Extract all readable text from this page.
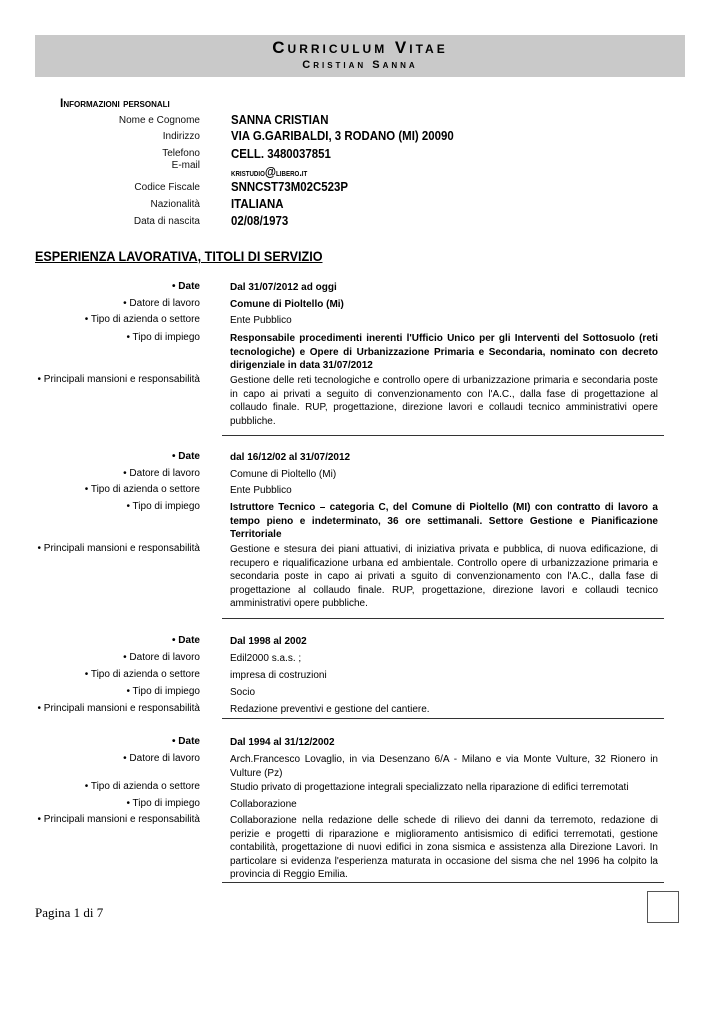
Curriculum Vitae
Cristian Sanna
Informazioni personali
Nome e Cognome SANNA CRISTIAN
Indirizzo VIA G.GARIBALDI, 3 RODANO (MI) 20090
Telefono CELL. 3480037851
E-mail
kristudio@libero.it
Codice Fiscale SNNCST73M02C523P
Nazionalità ITALIANA
Data di nascita 02/08/1973
ESPERIENZA LAVORATIVA, TITOLI DI SERVIZIO
• Date	Dal 31/07/2012 ad oggi
• Datore di lavoro	Comune di Pioltello (Mi)
• Tipo di azienda o settore	Ente Pubblico
• Tipo di impiego	Responsabile procedimenti inerenti l'Ufficio Unico per gli Interventi del Sottosuolo (reti tecnologiche) e Opere di Urbanizzazione Primaria e Secondaria, nominato con decreto dirigenziale in data 31/07/2012
• Principali mansioni e responsabilità	Gestione delle reti tecnologiche e controllo opere di urbanizzazione primaria e secondaria poste in capo ai privati a seguito di convenzionamento con l'A.C., dalla fase di progettazione al collaudo finale. RUP, progettazione, direzione lavori e collaudi tecnico amministrativi opere pubbliche.
• Date	dal 16/12/02 al 31/07/2012
• Datore di lavoro	Comune di Pioltello (Mi)
• Tipo di azienda o settore	Ente Pubblico
• Tipo di impiego	Istruttore Tecnico – categoria C, del Comune di Pioltello (MI) con contratto di lavoro a tempo pieno e indeterminato, 36 ore settimanali. Settore Gestione e Pianificazione Territoriale
• Principali mansioni e responsabilità	Gestione e stesura dei piani attuativi, di iniziativa privata e pubblica, di nuova edificazione, di recupero e riqualificazione urbana ed ambientale. Controllo opere di urbanizzazione primaria e secondaria poste in capo ai privati a sguito di convenzionamento con l'A.C., dalla fase di progettazione al collaudo finale. RUP, progettazione, direzione lavori e collaudi tecnico amministrativi opere pubbliche.
• Date	Dal 1998 al 2002
• Datore di lavoro	Edil2000 s.a.s. ;
• Tipo di azienda o settore	impresa di costruzioni
• Tipo di impiego	Socio
• Principali mansioni e responsabilità	Redazione preventivi e gestione del cantiere.
• Date	Dal 1994 al 31/12/2002
• Datore di lavoro	Arch.Francesco Lovaglio, in via Desenzano 6/A - Milano e via Monte Vulture, 32 Rionero in Vulture (Pz)
• Tipo di azienda o settore	Studio privato di progettazione integrali specializzato nella riparazione di edifici terremotati
• Tipo di impiego	Collaborazione
• Principali mansioni e responsabilità	Collaborazione nella redazione delle schede di rilievo dei danni da terremoto, redazione di perizie e progetti di riparazione e miglioramento antisismico di edifici terremotati, gestione contabilità, progettazione di nuovi edifici in zona sismica e assistenza alla Direzione Lavori. In particolare si evidenza l'esperienza maturata in occasione del sisma che nel 1996 ha colpito la provincia di Reggio Emilia.
Pagina 1 di 7
